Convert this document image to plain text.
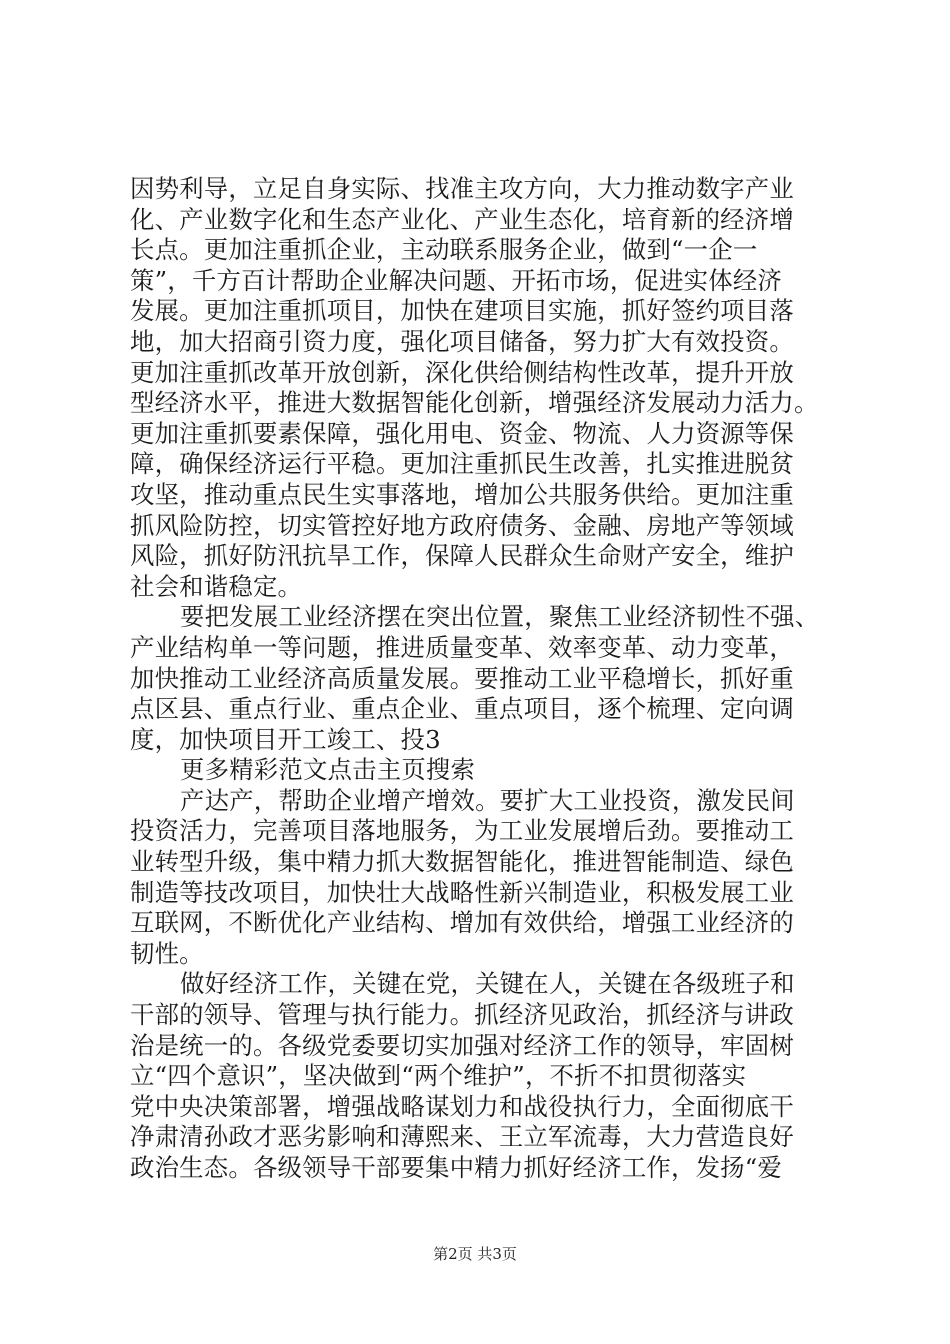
因势利导，立足自身实际、找准主攻方向，大力推动数字产业
化、产业数字化和生态产业化、产业生态化，培育新的经济增
长点。更加注重抓企业，主动联系服务企业，做到“一企一
策”，千方百计帮助企业解决问题、开拓市场，促进实体经济
发展。更加注重抓项目，加快在建项目实施，抓好签约项目落
地，加大招商引资力度，强化项目储备，努力扩大有效投资。
更加注重抓改革开放创新，深化供给侧结构性改革，提升开放
型经济水平，推进大数据智能化创新，增强经济发展动力活力。
更加注重抓要素保障，强化用电、资金、物流、人力资源等保
障，确保经济运行平稳。更加注重抓民生改善，扎实推进脱贫
攻坚，推动重点民生实事落地，增加公共服务供给。更加注重
抓风险防控，切实管控好地方政府债务、金融、房地产等领域
风险，抓好防汛抗旱工作，保障人民群众生命财产安全，维护
社会和谐稳定。
要把发展工业经济摆在突出位置，聚焦工业经济韧性不强、
产业结构单一等问题，推进质量变革、效率变革、动力变革，
加快推动工业经济高质量发展。要推动工业平稳增长，抓好重
点区县、重点行业、重点企业、重点项目，逐个梳理、定向调
度，加快项目开工竣工、投3
更多精彩范文点击主页搜索
产达产，帮助企业增产增效。要扩大工业投资，激发民间
投资活力，完善项目落地服务，为工业发展增后劲。要推动工
业转型升级，集中精力抓大数据智能化，推进智能制造、绿色
制造等技改项目，加快壮大战略性新兴制造业，积极发展工业
互联网，不断优化产业结构、增加有效供给，增强工业经济的
韧性。
做好经济工作，关键在党，关键在人，关键在各级班子和
干部的领导、管理与执行能力。抓经济见政治，抓经济与讲政
治是统一的。各级党委要切实加强对经济工作的领导，牢固树
立“四个意识”，坚决做到“两个维护”，不折不扣贯彻落实
党中央决策部署，增强战略谋划力和战役执行力，全面彻底干
净肃清孙政才恶劣影响和薄熙来、王立军流毒，大力营造良好
政治生态。各级领导干部要集中精力抓好经济工作，发扬“爱
第2页 共3页
